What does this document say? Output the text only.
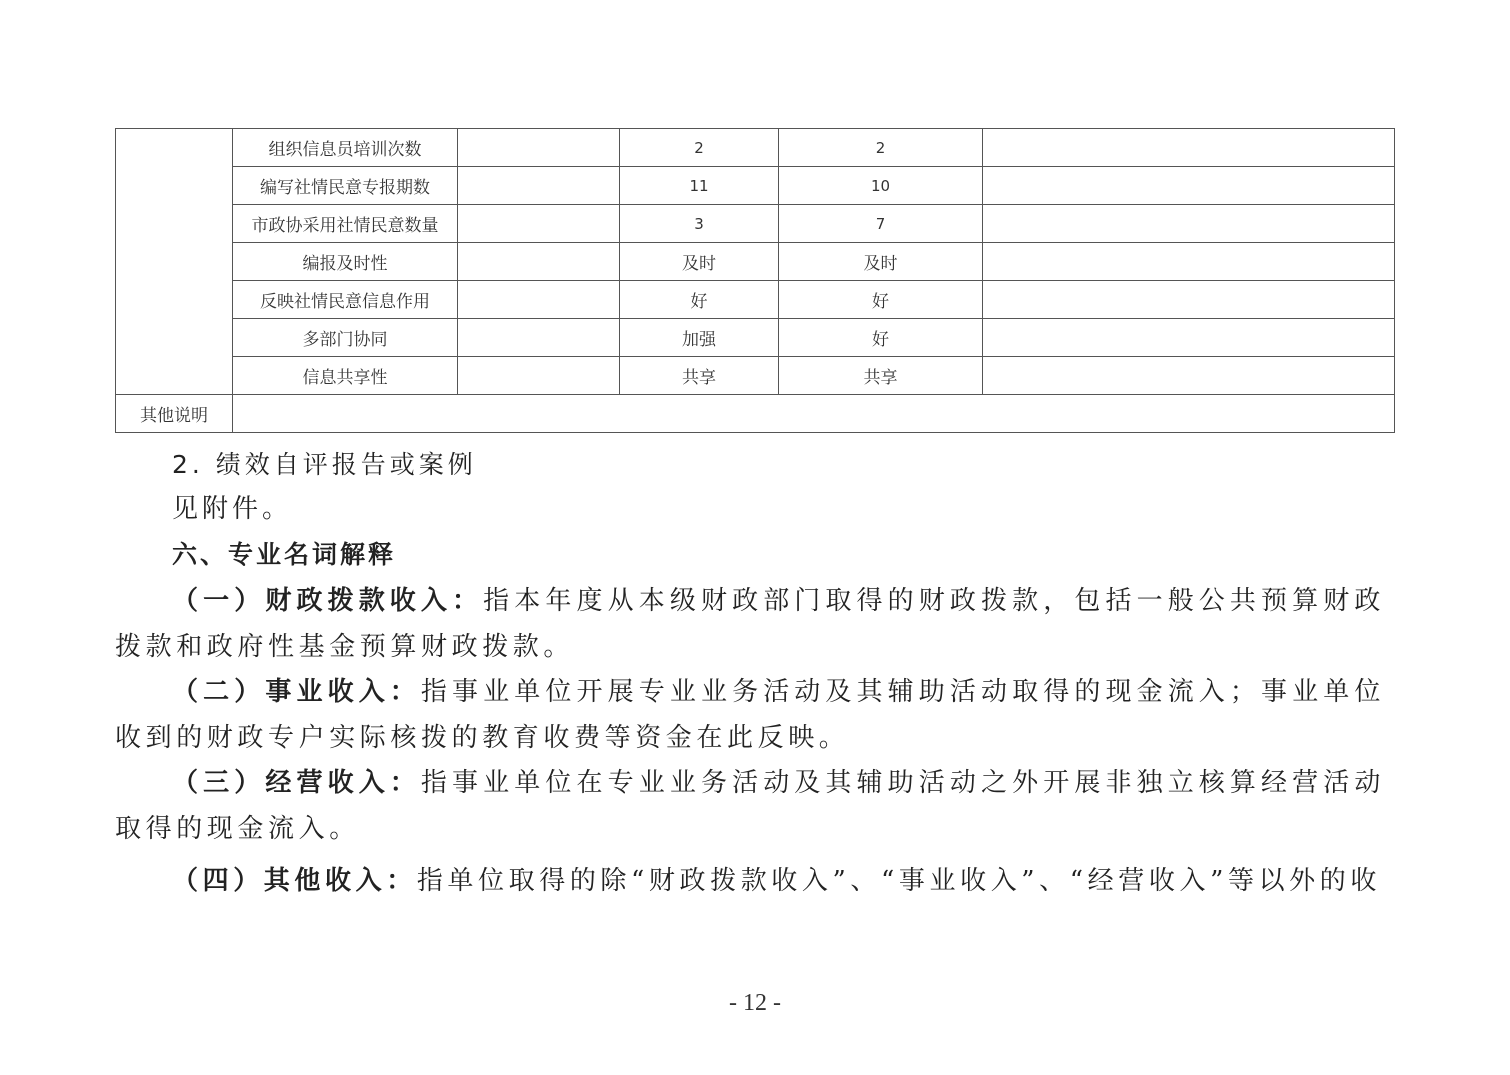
	组织信息员培训次数		2	2	
	编写社情民意专报期数		11	10	
	市政协采用社情民意数量		3	7	
	编报及时性		及时	及时	
	反映社情民意信息作用		好	好	
	多部门协同		加强	好	
	信息共享性		共享	共享	
其他说明					
2. 绩效自评报告或案例
见附件。
六、专业名词解释
（一）财政拨款收入：指本年度从本级财政部门取得的财政拨款，包括一般公共预算财政拨款和政府性基金预算财政拨款。
（二）事业收入：指事业单位开展专业业务活动及其辅助活动取得的现金流入；事业单位收到的财政专户实际核拨的教育收费等资金在此反映。
（三）经营收入：指事业单位在专业业务活动及其辅助活动之外开展非独立核算经营活动取得的现金流入。
（四）其他收入：指单位取得的除“财政拨款收入”、“事业收入”、“经营收入”等以外的收
- 12 -
